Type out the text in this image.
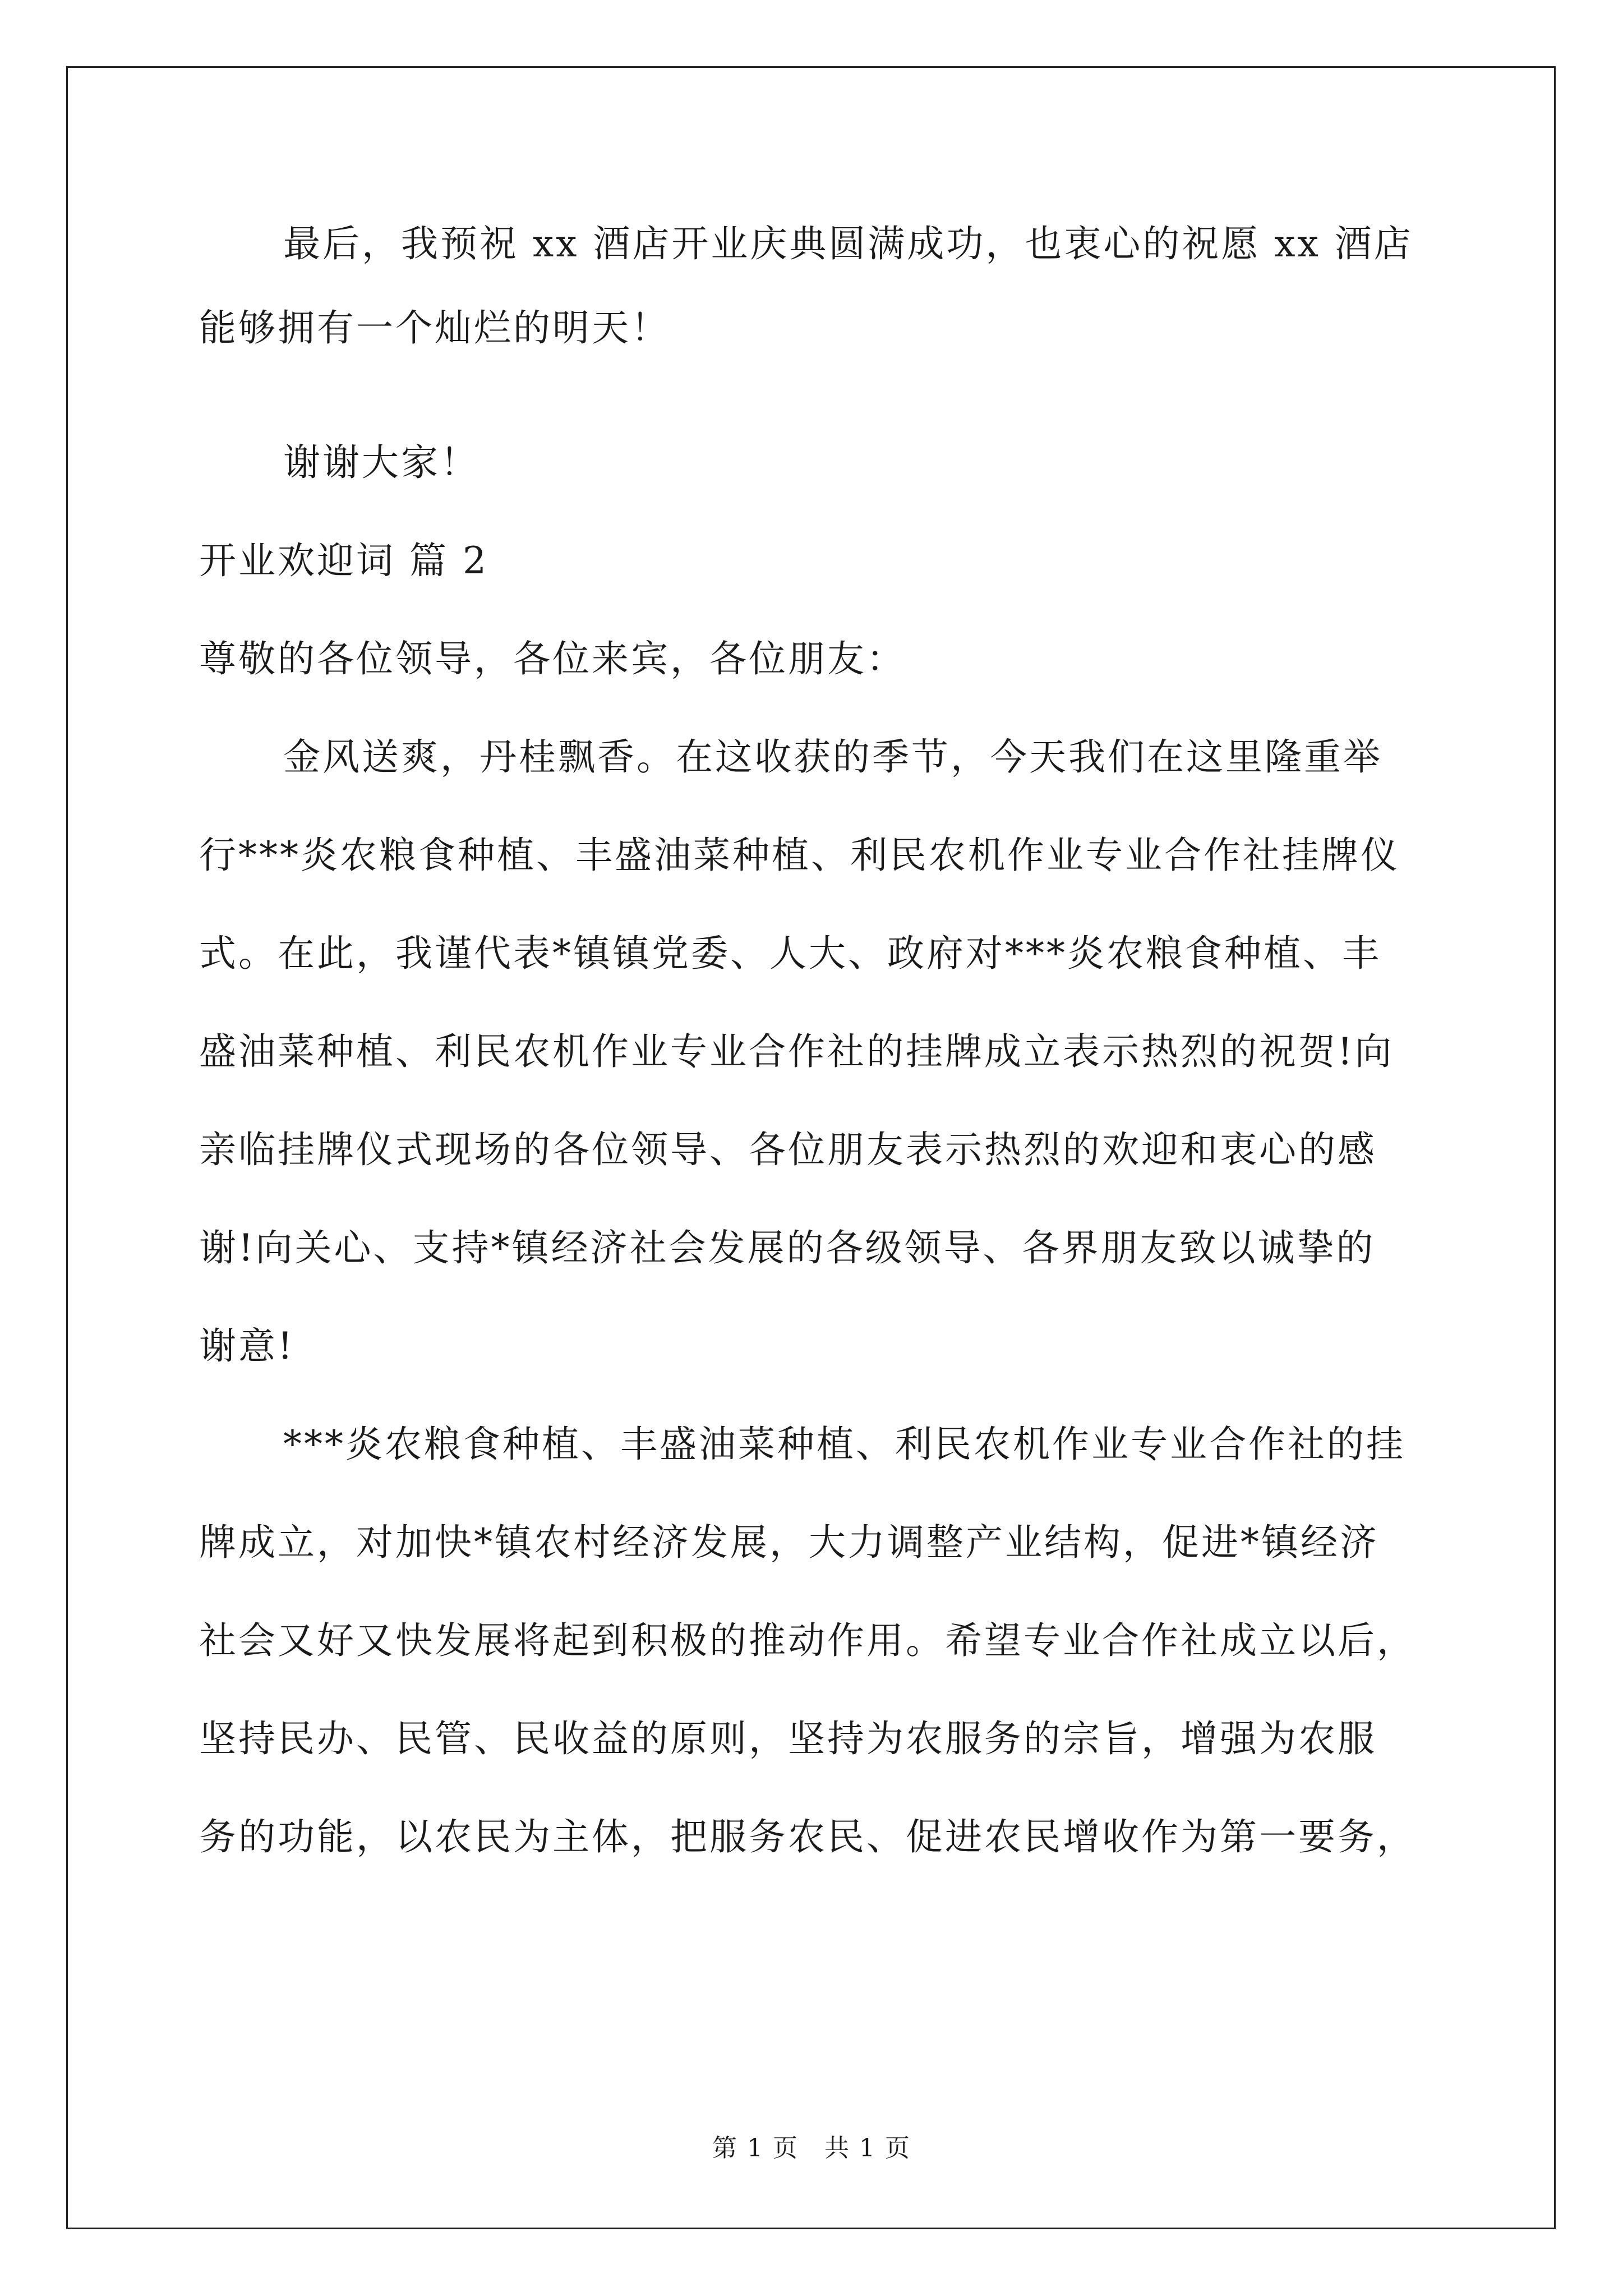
最后，我预祝 xx 酒店开业庆典圆满成功，也衷心的祝愿 xx 酒店
能够拥有一个灿烂的明天！
谢谢大家！
开业欢迎词 篇 2
尊敬的各位领导，各位来宾，各位朋友：
金风送爽，丹桂飘香。在这收获的季节，今天我们在这里隆重举
行***炎农粮食种植、丰盛油菜种植、利民农机作业专业合作社挂牌仪
式。在此，我谨代表*镇镇党委、人大、政府对***炎农粮食种植、丰
盛油菜种植、利民农机作业专业合作社的挂牌成立表示热烈的祝贺!向
亲临挂牌仪式现场的各位领导、各位朋友表示热烈的欢迎和衷心的感
谢!向关心、支持*镇经济社会发展的各级领导、各界朋友致以诚挚的
谢意!
***炎农粮食种植、丰盛油菜种植、利民农机作业专业合作社的挂
牌成立，对加快*镇农村经济发展，大力调整产业结构，促进*镇经济
社会又好又快发展将起到积极的推动作用。希望专业合作社成立以后，
坚持民办、民管、民收益的原则，坚持为农服务的宗旨，增强为农服
务的功能，以农民为主体，把服务农民、促进农民增收作为第一要务，
第 1 页　共 1 页
